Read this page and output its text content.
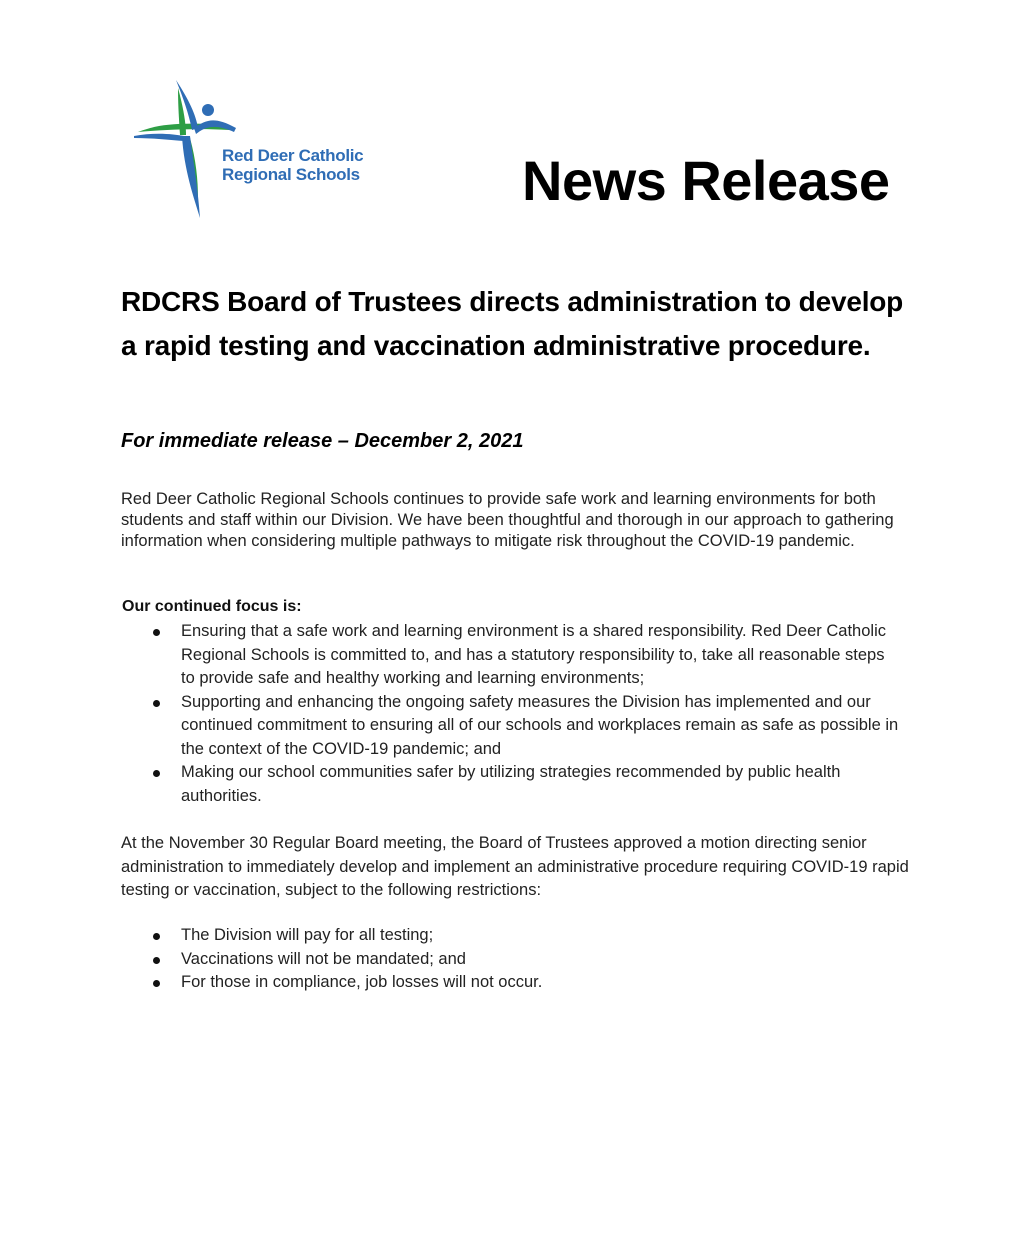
Red Deer Catholic
Regional Schools	News Release
RDCRS Board of Trustees directs administration to develop a rapid testing and vaccination administrative procedure.
For immediate release – December 2, 2021
Red Deer Catholic Regional Schools continues to provide safe work and learning environments for both students and staff within our Division. We have been thoughtful and thorough in our approach to gathering information when considering multiple pathways to mitigate risk throughout the COVID-19 pandemic.
Our continued focus is:
Ensuring that a safe work and learning environment is a shared responsibility. Red Deer Catholic Regional Schools is committed to, and has a statutory responsibility to, take all reasonable steps to provide safe and healthy working and learning environments;
Supporting and enhancing the ongoing safety measures the Division has implemented and our continued commitment to ensuring all of our schools and workplaces remain as safe as possible in the context of the COVID-19 pandemic; and
Making our school communities safer by utilizing strategies recommended by public health authorities.
At the November 30 Regular Board meeting, the Board of Trustees approved a motion directing senior administration to immediately develop and implement an administrative procedure requiring COVID-19 rapid testing or vaccination, subject to the following restrictions:
The Division will pay for all testing;
Vaccinations will not be mandated; and
For those in compliance, job losses will not occur.
